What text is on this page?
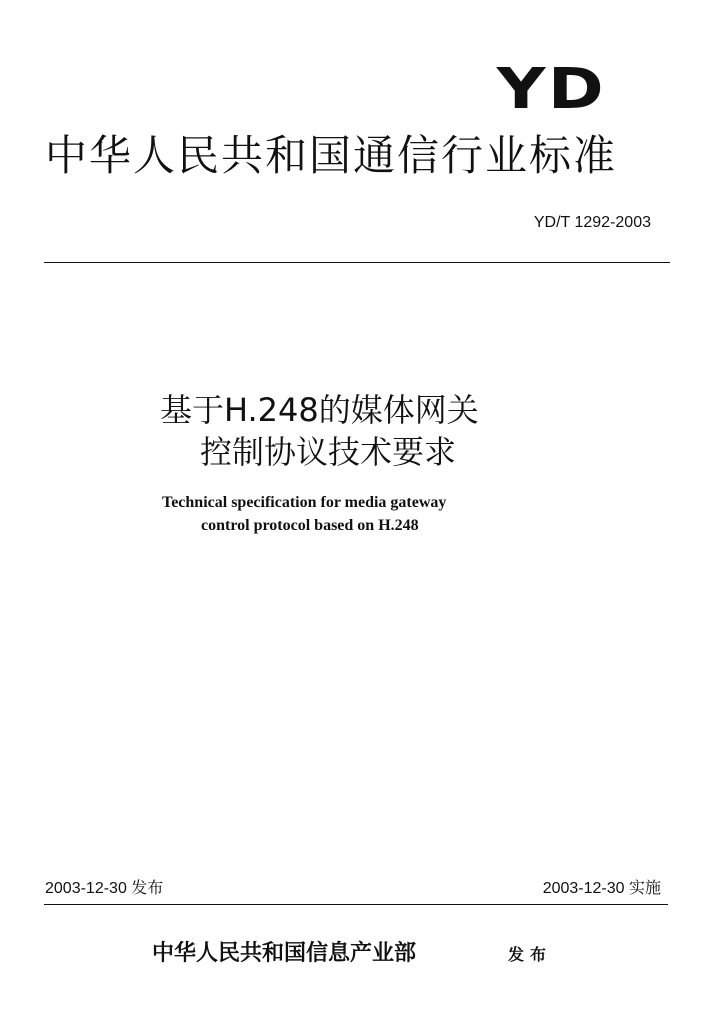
YD
中华人民共和国通信行业标准
YD/T 1292-2003
基于H.248的媒体网关
控制协议技术要求
Technical specification for media gateway
control protocol based on H.248
2003-12-30 发布	2003-12-30 实施
中华人民共和国信息产业部	发布
